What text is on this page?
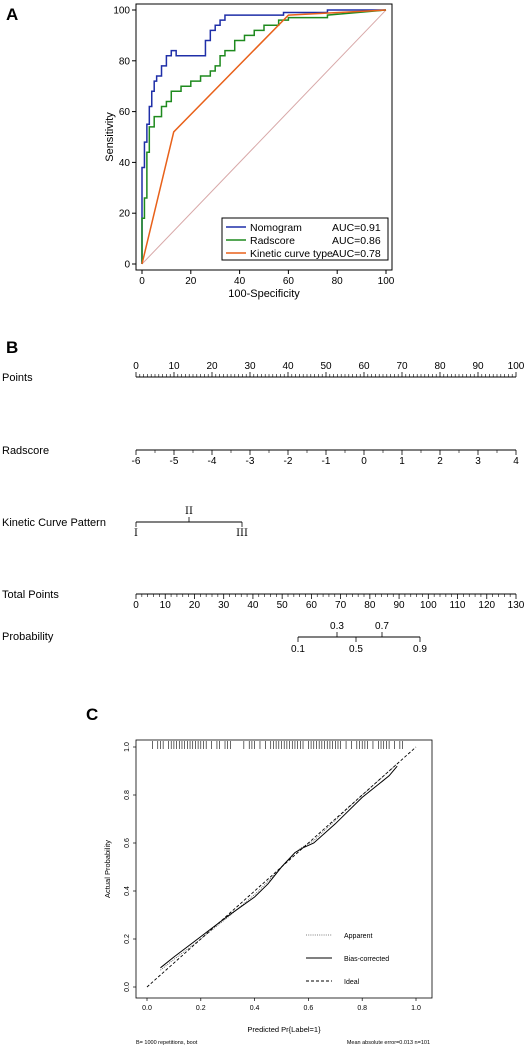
A
B
C
0	20	40	60	80	100
0
20
40
60
80
100
100-Specificity
Sensitivity
Nomogram	AUC=0.91
Radscore	AUC=0.86
Kinetic curve type AUC=0.78
Points
Radscore
Kinetic Curve Pattern
Total Points
Probability
0	10	20	30	40	50	60	70	80	90 100
-6	-5	-4	-3	-2	-1	0	1	2	3	4
I
II
III
0 10 20 30 40 50 60 70 80 90 100 110 120 130
0.1	0.5	0.9
0.3	0.7
0.0	0.2	0.4	0.6	0.8	1.0
0.0
0.2
0.4
0.6
0.8
1.0
Predicted Pr{Label=1}
Actual Probability
Apparent
Bias-corrected
Ideal
B= 1000 repetitions, boot	Mean absolute error=0.013 n=101
